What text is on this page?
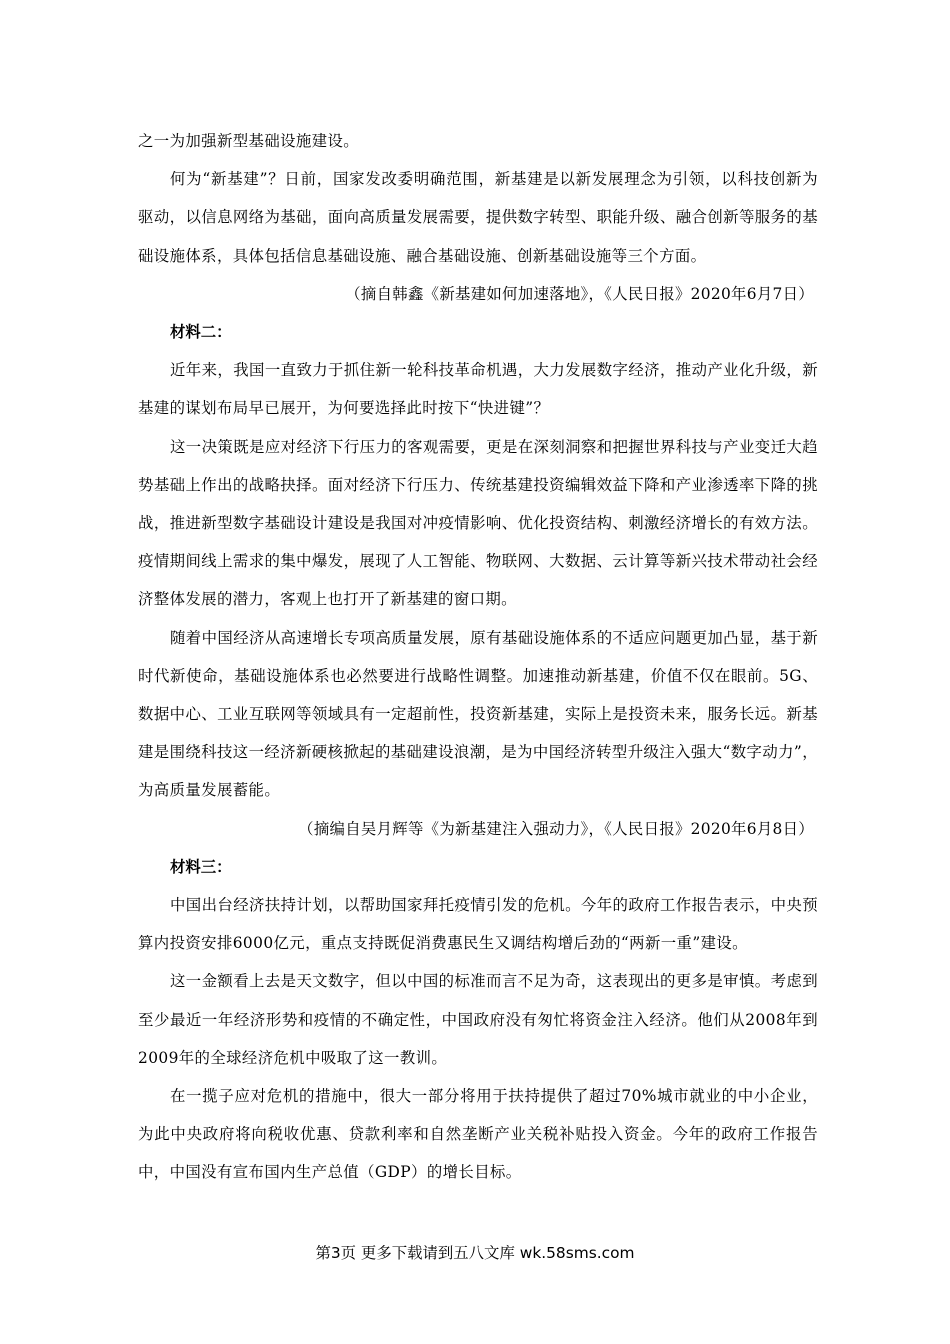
之一为加强新型基础设施建设。

何为“新基建”？日前，国家发改委明确范围，新基建是以新发展理念为引领，以科技创新为驱动，以信息网络为基础，面向高质量发展需要，提供数字转型、职能升级、融合创新等服务的基础设施体系，具体包括信息基础设施、融合基础设施、创新基础设施等三个方面。

（摘自韩鑫《新基建如何加速落地》，《人民日报》2020年6月7日）

材料二：

近年来，我国一直致力于抓住新一轮科技革命机遇，大力发展数字经济，推动产业化升级，新基建的谋划布局早已展开，为何要选择此时按下“快进键”？

这一决策既是应对经济下行压力的客观需要，更是在深刻洞察和把握世界科技与产业变迁大趋势基础上作出的战略抉择。面对经济下行压力、传统基建投资编辑效益下降和产业渗透率下降的挑战，推进新型数字基础设计建设是我国对冲疫情影响、优化投资结构、刺激经济增长的有效方法。疫情期间线上需求的集中爆发，展现了人工智能、物联网、大数据、云计算等新兴技术带动社会经济整体发展的潜力，客观上也打开了新基建的窗口期。

随着中国经济从高速增长专项高质量发展，原有基础设施体系的不适应问题更加凸显，基于新时代新使命，基础设施体系也必然要进行战略性调整。加速推动新基建，价值不仅在眼前。5G、数据中心、工业互联网等领域具有一定超前性，投资新基建，实际上是投资未来，服务长远。新基建是围绕科技这一经济新硬核掀起的基础建设浪潮，是为中国经济转型升级注入强大“数字动力”，为高质量发展蓄能。

（摘编自吴月辉等《为新基建注入强动力》，《人民日报》2020年6月8日）

材料三：

中国出台经济扶持计划，以帮助国家拜托疫情引发的危机。今年的政府工作报告表示，中央预算内投资安排6000亿元，重点支持既促消费惠民生又调结构增后劲的“两新一重”建设。

这一金额看上去是天文数字，但以中国的标准而言不足为奇，这表现出的更多是审慎。考虑到至少最近一年经济形势和疫情的不确定性，中国政府没有匆忙将资金注入经济。他们从2008年到2009年的全球经济危机中吸取了这一教训。

在一揽子应对危机的措施中，很大一部分将用于扶持提供了超过70%城市就业的中小企业，为此中央政府将向税收优惠、贷款利率和自然垄断产业关税补贴投入资金。今年的政府工作报告中，中国没有宣布国内生产总值（GDP）的增长目标。

第3页 更多下载请到五八文库 wk.58sms.com
